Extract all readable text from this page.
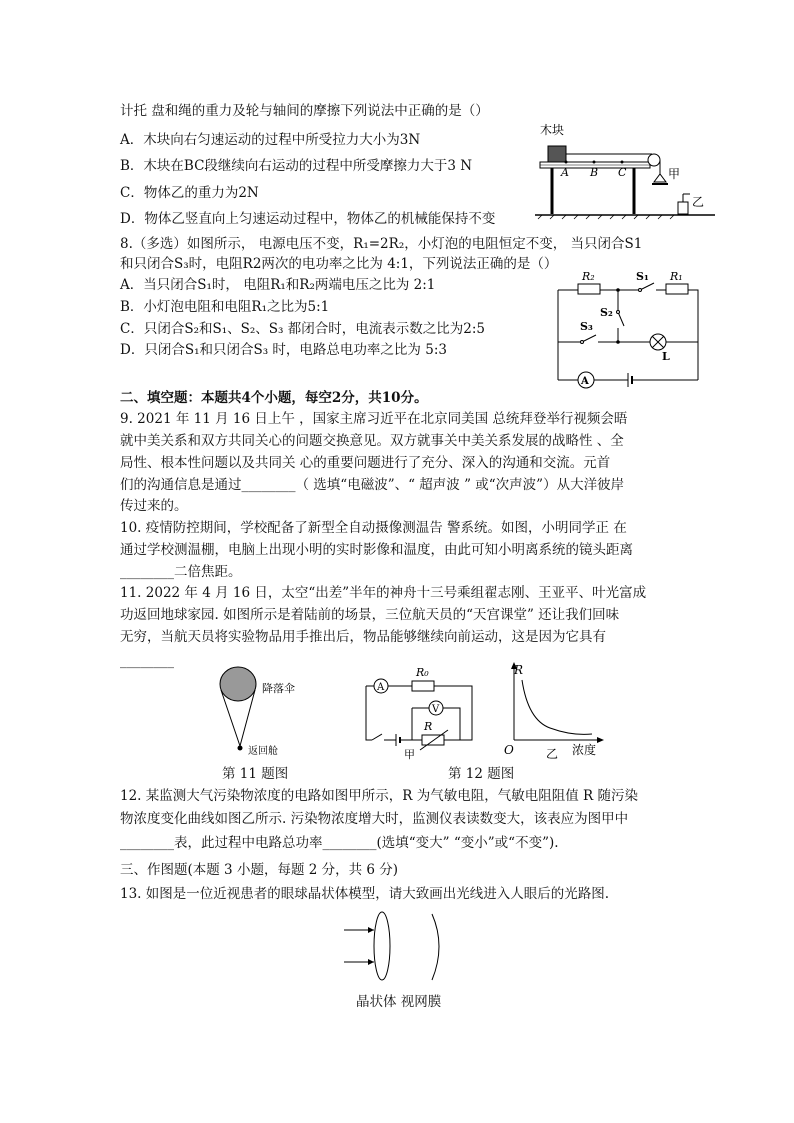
计托 盘和绳的重力及轮与轴间的摩擦下列说法中正确的是（）
A．木块向右匀速运动的过程中所受拉力大小为3N
B．木块在BC段继续向右运动的过程中所受摩擦力大于3 N
C．物体乙的重力为2N
D．物体乙竖直向上匀速运动过程中，物体乙的机械能保持不变
木块
A B C	甲
乙
8.（多选）如图所示， 电源电压不变，R₁=2R₂，小灯泡的电阻恒定不变， 当只闭合S1
和只闭合S₃时，电阻R2两次的电功率之比为 4:1，下列说法正确的是（）
A．当只闭合S₁时， 电阻R₁和R₂两端电压之比为 2:1
B．小灯泡电阻和电阻R₁之比为5:1
C．只闭合S₂和S₁、S₂、S₃ 都闭合时，电流表示数之比为2:5
D．只闭合S₁和只闭合S₃ 时，电路总电功率之比为 5:3
R₂	S₁ R₁
S₂
L
S₃
A
二、填空题：本题共4个小题，每空2分，共10分。
9. 2021 年 11 月 16 日上午 ，国家主席习近平在北京同美国 总统拜登举行视频会晤
就中美关系和双方共同关心的问题交换意见。双方就事关中美关系发展的战略性 、全
局性、根本性问题以及共同关 心的重要问题进行了充分、深入的沟通和交流。元首
们的沟通信息是通过________（ 选填“电磁波”、“ 超声波 ” 或“次声波”）从大洋彼岸
传过来的。
10. 疫情防控期间，学校配备了新型全自动摄像测温告 警系统。如图，小明同学正 在
通过学校测温棚，电脑上出现小明的实时影像和温度，由此可知小明离系统的镜头距离
________二倍焦距。
11. 2022 年 4 月 16 日，太空“出差”半年的神舟十三号乘组翟志刚、王亚平、叶光富成
功返回地球家园. 如图所示是着陆前的场景，三位航天员的“天宫课堂” 还让我们回味
无穷，当航天员将实验物品用手推出后，物品能够继续向前运动，这是因为它具有
________
降落伞
返回舱
第 11 题图
A
R₀
V
R
甲
第 12 题图
R
O	浓度
乙
12. 某监测大气污染物浓度的电路如图甲所示，R 为气敏电阻，气敏电阻阻值 R 随污染
物浓度变化曲线如图乙所示. 污染物浓度增大时，监测仪表读数变大，该表应为图甲中
________表，此过程中电路总功率________(选填“变大” “变小”或“不变”).
三、作图题(本题 3 小题，每题 2 分，共 6 分)
13. 如图是一位近视患者的眼球晶状体模型，请大致画出光线进入人眼后的光路图.
晶状体 视网膜
